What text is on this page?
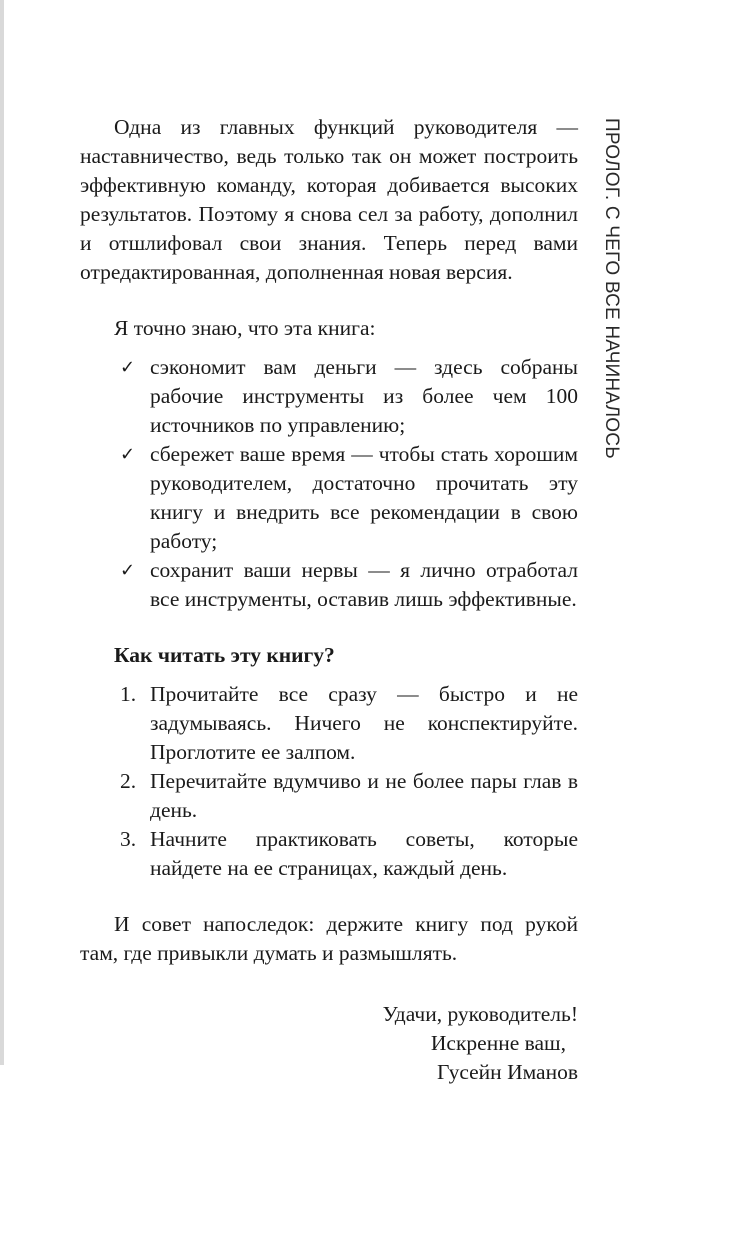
ПРОЛОГ. С ЧЕГО ВСЕ НАЧИНАЛОСЬ

Одна из главных функций руководителя — наставничество, ведь только так он может построить эффективную команду, которая добивается высоких результатов. Поэтому я снова сел за работу, дополнил и отшлифовал свои знания. Теперь перед вами отредактированная, дополненная новая версия.

Я точно знаю, что эта книга:

✓ сэкономит вам деньги — здесь собраны рабочие инструменты из более чем 100 источников по управлению;
✓ сбережет ваше время — чтобы стать хорошим руководителем, достаточно прочитать эту книгу и внедрить все рекомендации в свою работу;
✓ сохранит ваши нервы — я лично отработал все инструменты, оставив лишь эффективные.

Как читать эту книгу?

1. Прочитайте все сразу — быстро и не задумываясь. Ничего не конспектируйте. Проглотите ее залпом.
2. Перечитайте вдумчиво и не более пары глав в день.
3. Начните практиковать советы, которые найдете на ее страницах, каждый день.

И совет напоследок: держите книгу под рукой там, где привыкли думать и размышлять.

Удачи, руководитель!
Искренне ваш,
Гусейн Иманов
